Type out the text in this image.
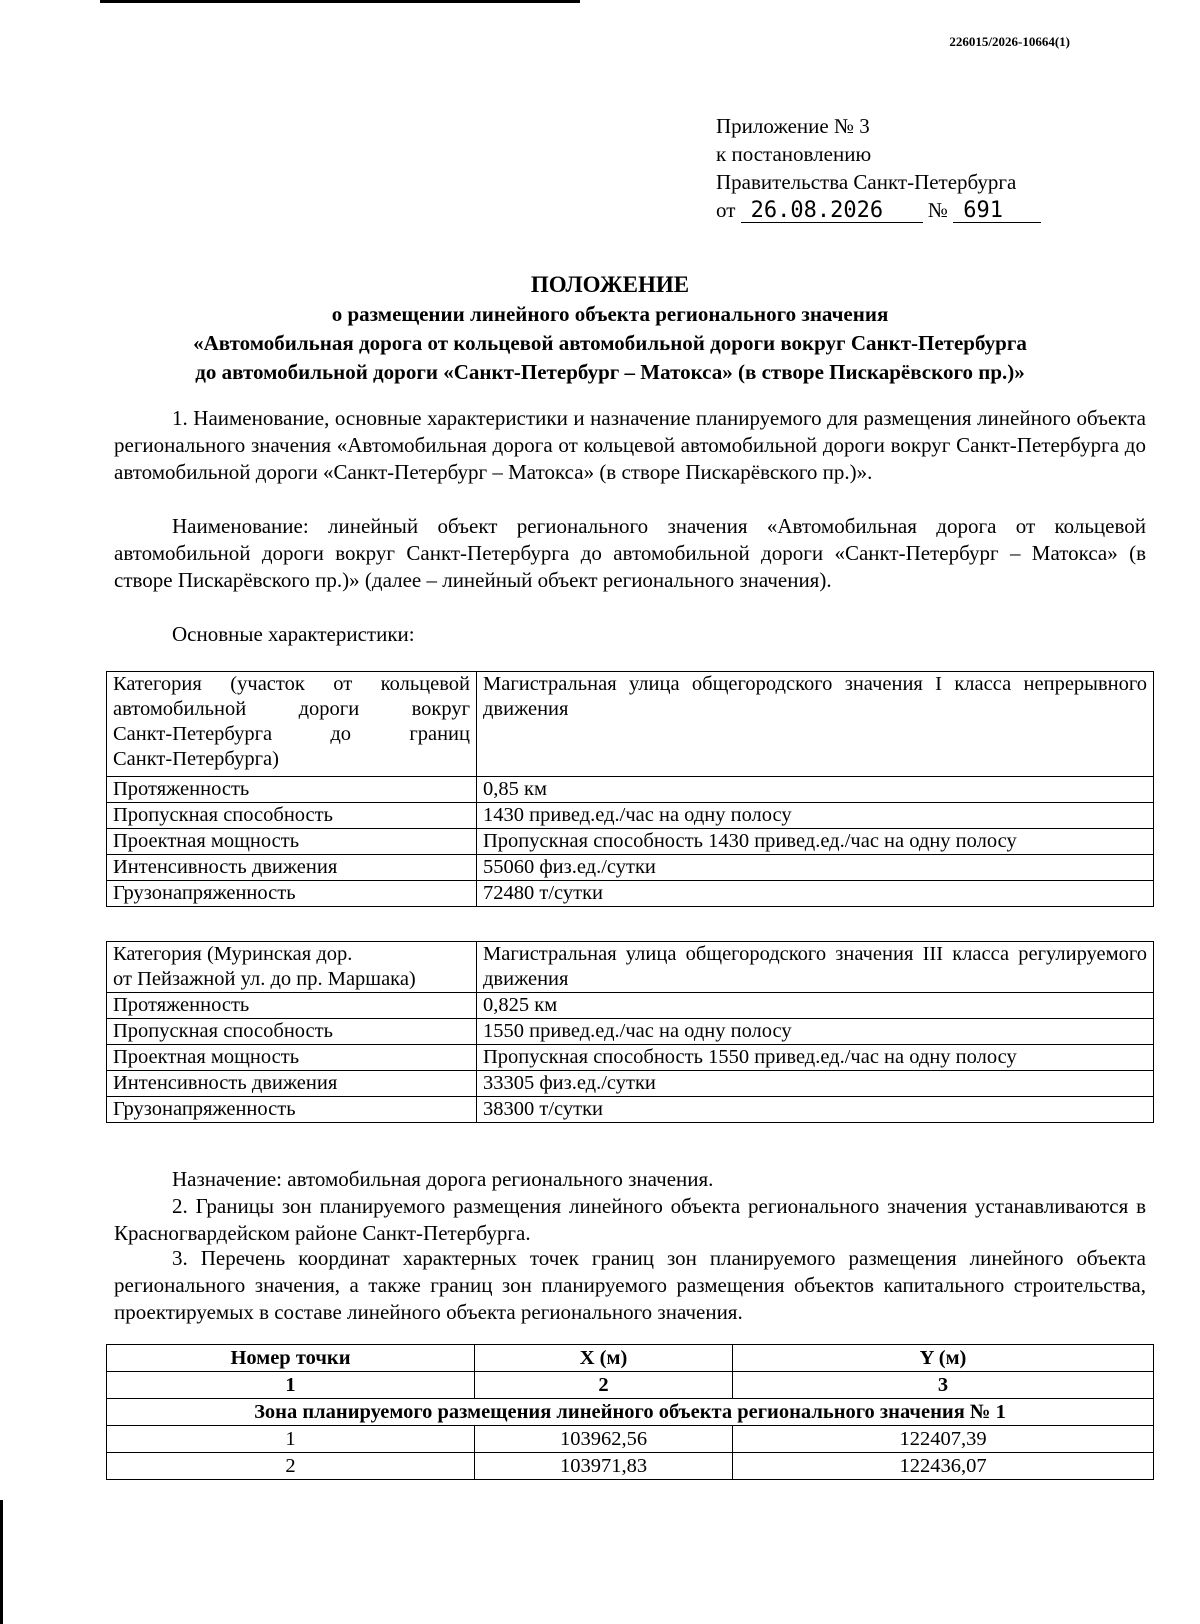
226015/2026-10664(1)
Приложение № 3
к постановлению
Правительства Санкт-Петербурга
от 26.08.2026 № 691
ПОЛОЖЕНИЕ
о размещении линейного объекта регионального значения
«Автомобильная дорога от кольцевой автомобильной дороги вокруг Санкт-Петербурга
до автомобильной дороги «Санкт-Петербург – Матокса» (в створе Пискарёвского пр.)»
1. Наименование, основные характеристики и назначение планируемого для размещения линейного объекта регионального значения «Автомобильная дорога от кольцевой автомобильной дороги вокруг Санкт-Петербурга до автомобильной дороги «Санкт-Петербург – Матокса» (в створе Пискарёвского пр.)».
Наименование: линейный объект регионального значения «Автомобильная дорога от кольцевой автомобильной дороги вокруг Санкт-Петербурга до автомобильной дороги «Санкт-Петербург – Матокса» (в створе Пискарёвского пр.)» (далее – линейный объект регионального значения).
Основные характеристики:
Категория (участок от кольцевой
автомобильной дороги вокруг
Санкт-Петербурга до границ
Санкт-Петербурга)	Магистральная улица общегородского значения I класса непрерывного движения
Протяженность	0,85 км
Пропускная способность	1430 привед.ед./час на одну полосу
Проектная мощность	Пропускная способность 1430 привед.ед./час на одну полосу
Интенсивность движения	55060 физ.ед./сутки
Грузонапряженность	72480 т/сутки
Категория (Муринская дор.
от Пейзажной ул. до пр. Маршака)	Магистральная улица общегородского значения III класса регулируемого движения
Протяженность	0,825 км
Пропускная способность	1550 привед.ед./час на одну полосу
Проектная мощность	Пропускная способность 1550 привед.ед./час на одну полосу
Интенсивность движения	33305 физ.ед./сутки
Грузонапряженность	38300 т/сутки
Назначение: автомобильная дорога регионального значения.
2. Границы зон планируемого размещения линейного объекта регионального значения устанавливаются в Красногвардейском районе Санкт-Петербурга.
3. Перечень координат характерных точек границ зон планируемого размещения линейного объекта регионального значения, а также границ зон планируемого размещения объектов капитального строительства, проектируемых в составе линейного объекта регионального значения.
Номер точки	X (м)	Y (м)
1	2	3
Зона планируемого размещения линейного объекта регионального значения № 1		
1	103962,56	122407,39
2	103971,83	122436,07
